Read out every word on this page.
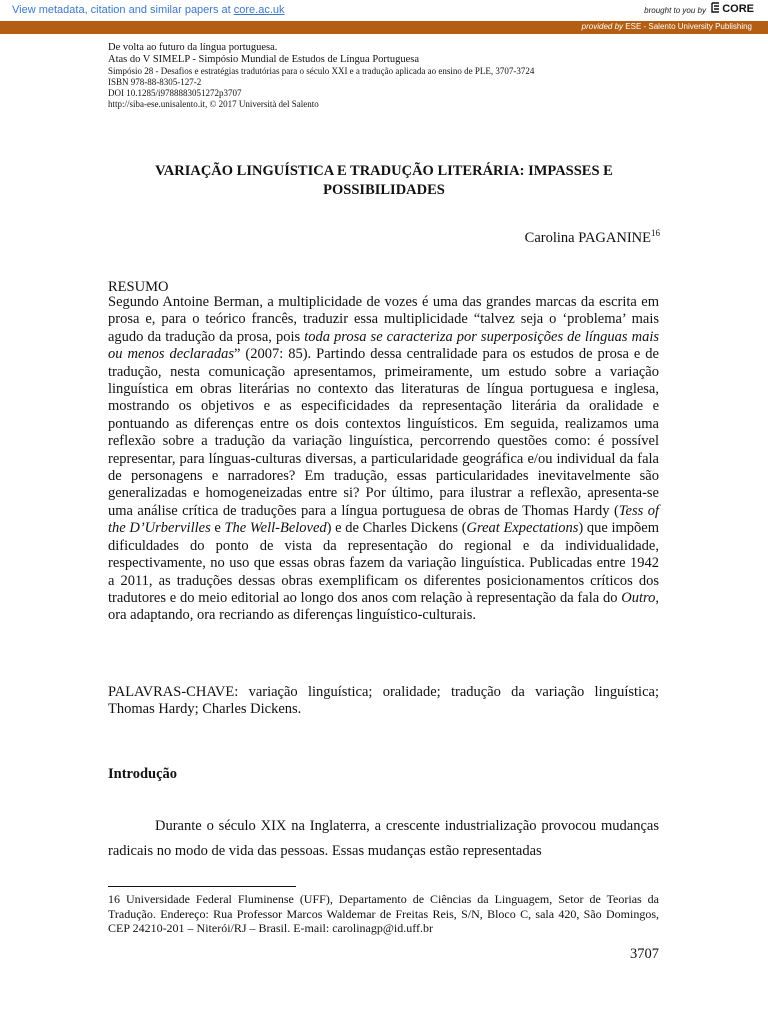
View metadata, citation and similar papers at core.ac.uk	brought to you by	CORE
provided by ESE - Salento University Publishing
De volta ao futuro da língua portuguesa.
Atas do V SIMELP - Simpósio Mundial de Estudos de Língua Portuguesa
Simpósio 28 - Desafios e estratégias tradutórias para o século XXI e a tradução aplicada ao ensino de PLE, 3707-3724
ISBN 978-88-8305-127-2
DOI 10.1285/i9788883051272p3707
http://siba-ese.unisalento.it, © 2017 Università del Salento
VARIAÇÃO LINGUÍSTICA E TRADUÇÃO LITERÁRIA: IMPASSES E POSSIBILIDADES
Carolina PAGANINE$^{16}$
RESUMO
Segundo Antoine Berman, a multiplicidade de vozes é uma das grandes marcas da escrita em prosa e, para o teórico francês, traduzir essa multiplicidade “talvez seja o ‘problema’ mais agudo da tradução da prosa, pois toda prosa se caracteriza por superposições de línguas mais ou menos declaradas” (2007: 85). Partindo dessa centralidade para os estudos de prosa e de tradução, nesta comunicação apresentamos, primeiramente, um estudo sobre a variação linguística em obras literárias no contexto das literaturas de língua portuguesa e inglesa, mostrando os objetivos e as especificidades da representação literária da oralidade e pontuando as diferenças entre os dois contextos linguísticos. Em seguida, realizamos uma reflexão sobre a tradução da variação linguística, percorrendo questões como: é possível representar, para línguas-culturas diversas, a particularidade geográfica e/ou individual da fala de personagens e narradores? Em tradução, essas particularidades inevitavelmente são generalizadas e homogeneizadas entre si? Por último, para ilustrar a reflexão, apresenta-se uma análise crítica de traduções para a língua portuguesa de obras de Thomas Hardy (Tess of the D’Urbervilles e The Well-Beloved) e de Charles Dickens (Great Expectations) que impõem dificuldades do ponto de vista da representação do regional e da individualidade, respectivamente, no uso que essas obras fazem da variação linguística. Publicadas entre 1942 a 2011, as traduções dessas obras exemplificam os diferentes posicionamentos críticos dos tradutores e do meio editorial ao longo dos anos com relação à representação da fala do Outro, ora adaptando, ora recriando as diferenças linguístico-culturais.
PALAVRAS-CHAVE: variação linguística; oralidade; tradução da variação linguística; Thomas Hardy; Charles Dickens.
Introdução
Durante o século XIX na Inglaterra, a crescente industrialização provocou mudanças radicais no modo de vida das pessoas. Essas mudanças estão representadas
16 Universidade Federal Fluminense (UFF), Departamento de Ciências da Linguagem, Setor de Teorias da Tradução. Endereço: Rua Professor Marcos Waldemar de Freitas Reis, S/N, Bloco C, sala 420, São Domingos, CEP 24210-201 – Niterói/RJ – Brasil. E-mail: carolinagp@id.uff.br
3707
